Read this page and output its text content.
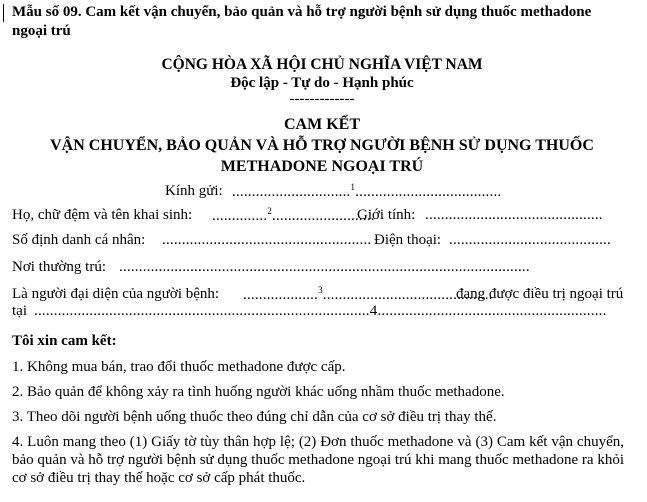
Mẫu số 09. Cam kết vận chuyển, bảo quản và hỗ trợ người bệnh sử dụng thuốc methadone
ngoại trú

CỘNG HÒA XÃ HỘI CHỦ NGHĨA VIỆT NAM
Độc lập - Tự do - Hạnh phúc
-------------
CAM KẾT
VẬN CHUYỂN, BẢO QUẢN VÀ HỖ TRỢ NGƯỜI BỆNH SỬ DỤNG THUỐC
METHADONE NGOẠI TRÚ
Kính gửi: ..............................$^1$.....................................
Họ, chữ đệm và tên khai sinh: ..............$^2$..........................
Giới tính: .............................................
Số định danh cá nhân: ..................................................... Điện thoại: .........................................
Nơi thường trú: ........................................................................................................
Là người đại diện của người bệnh: ...................$^3$...........................................
đang được điều trị ngoại trú
tại .....................................................................................4..........................................................

Tôi xin cam kết:

1. Không mua bán, trao đổi thuốc methadone được cấp.

2. Bảo quản để không xảy ra tình huống người khác uống nhầm thuốc methadone.

3. Theo dõi người bệnh uống thuốc theo đúng chỉ dẫn của cơ sở điều trị thay thế.

4. Luôn mang theo (1) Giấy tờ tùy thân hợp lệ; (2) Đơn thuốc methadone và (3) Cam kết vận chuyển, bảo quản và hỗ trợ người bệnh sử dụng thuốc methadone ngoại trú khi mang thuốc methadone ra khỏi cơ sở điều trị thay thế hoặc cơ sở cấp phát thuốc.
